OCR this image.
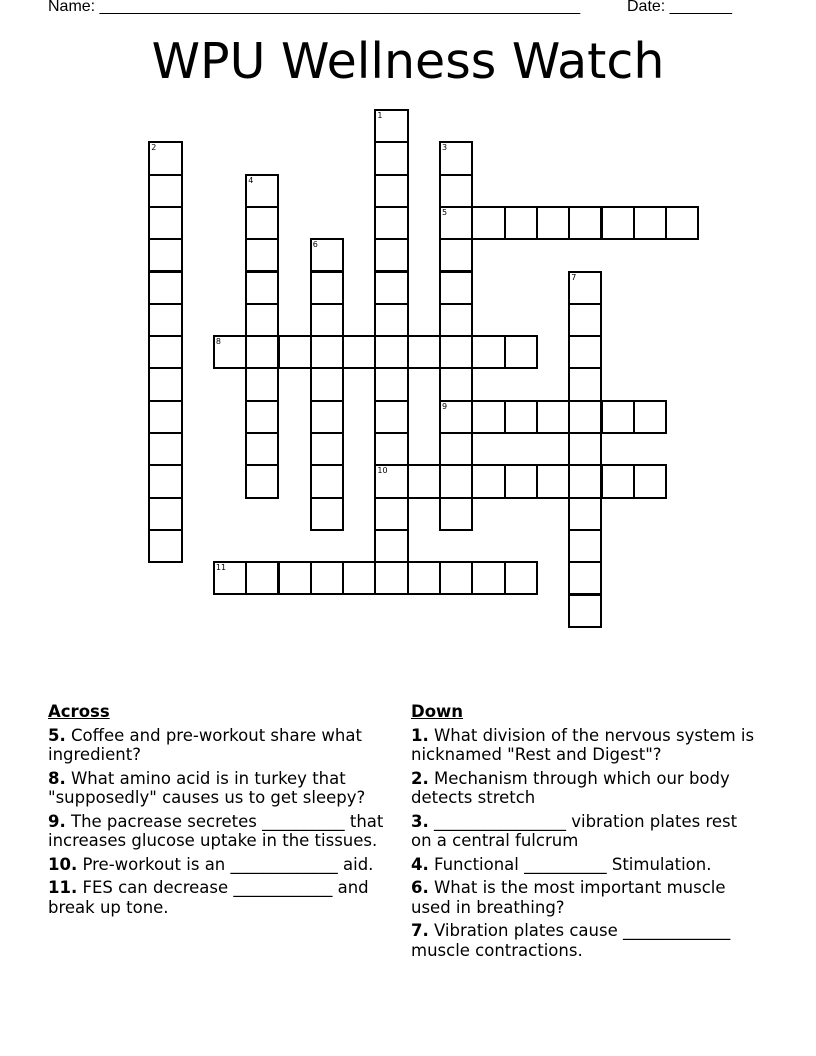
Name: ______________________________________________________	Date: _______
WPU Wellness Watch
1
10
2	3
5
9
4
6
7
8
11
Across
5. Coffee and pre-workout share what ingredient?
8. What amino acid is in turkey that "supposedly" causes us to get sleepy?
9. The pacrease secretes __________ that increases glucose uptake in the tissues.
10. Pre-workout is an _____________ aid.
11. FES can decrease ____________ and break up tone.
Down
1. What division of the nervous system is nicknamed "Rest and Digest"?
2. Mechanism through which our body detects stretch
3. ________________ vibration plates rest on a central fulcrum
4. Functional __________ Stimulation.
6. What is the most important muscle used in breathing?
7. Vibration plates cause _____________ muscle contractions.
